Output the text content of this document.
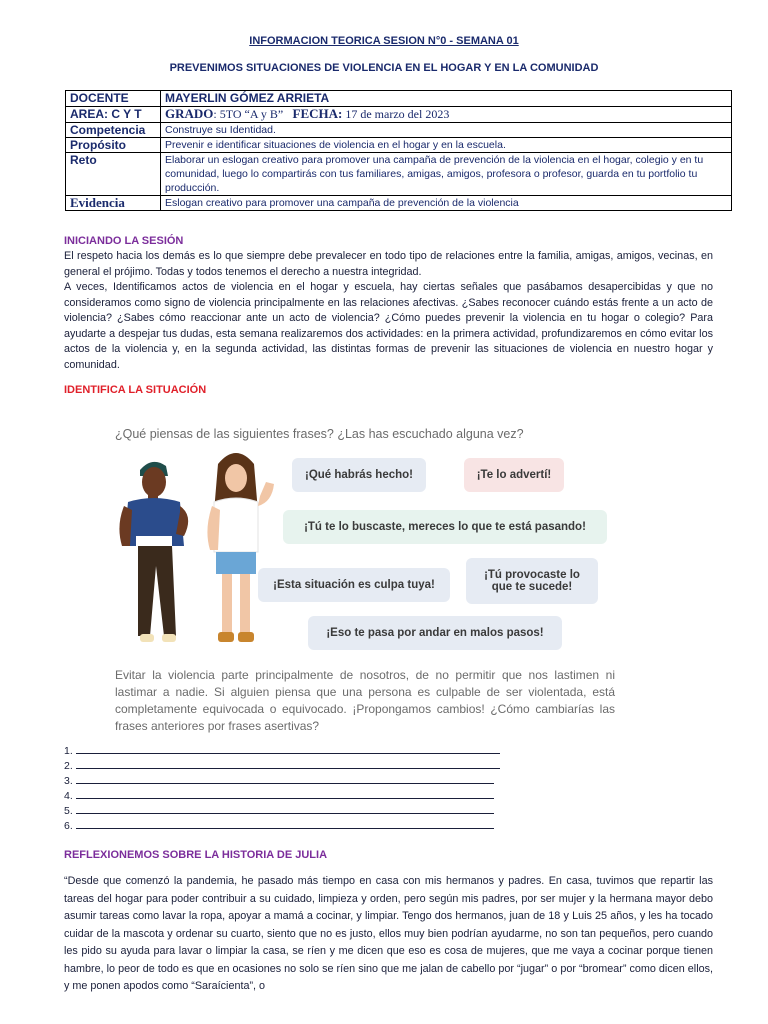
INFORMACION TEORICA SESION N°0 - SEMANA 01
PREVENIMOS SITUACIONES DE VIOLENCIA EN EL HOGAR Y EN LA COMUNIDAD
DOCENTE	MAYERLIN GÓMEZ ARRIETA
AREA: C Y T	GRADO: 5TO “A y B” FECHA: 17 de marzo del 2023
Competencia	Construye su Identidad.
Propósito	Prevenir e identificar situaciones de violencia en el hogar y en la escuela.
Reto	Elaborar un eslogan creativo para promover una campaña de prevención de la violencia en el hogar, colegio y en tu comunidad, luego lo compartirás con tus familiares, amigas, amigos, profesora o profesor, guarda en tu portfolio tu producción.
Evidencia	Eslogan creativo para promover una campaña de prevención de la violencia
INICIANDO LA SESIÓN

El respeto hacia los demás es lo que siempre debe prevalecer en todo tipo de relaciones entre la familia, amigas, amigos, vecinas, en general el prójimo. Todas y todos tenemos el derecho a nuestra integridad.

A veces, Identificamos actos de violencia en el hogar y escuela, hay ciertas señales que pasábamos desapercibidas y que no consideramos como signo de violencia principalmente en las relaciones afectivas. ¿Sabes reconocer cuándo estás frente a un acto de violencia? ¿Sabes cómo reaccionar ante un acto de violencia? ¿Cómo puedes prevenir la violencia en tu hogar o colegio? Para ayudarte a despejar tus dudas, esta semana realizaremos dos actividades: en la primera actividad, profundizaremos en cómo evitar los actos de la violencia y, en la segunda actividad, las distintas formas de prevenir las situaciones de violencia en nuestro hogar y comunidad.

IDENTIFICA LA SITUACIÓN
¿Qué piensas de las siguientes frases? ¿Las has escuchado alguna vez?
¡Qué habrás hecho!	¡Te lo advertí!
¡Tú te lo buscaste, mereces lo que te está pasando!
¡Esta situación es culpa tuya!
¡Tú provocaste lo que te sucede!
¡Eso te pasa por andar en malos pasos!
Evitar la violencia parte principalmente de nosotros, de no permitir que nos lastimen ni lastimar a nadie. Si alguien piensa que una persona es culpable de ser violentada, está completamente equivocada o equivocado. ¡Propongamos cambios! ¿Cómo cambiarías las frases anteriores por frases asertivas?
1.
2.
3.
4.
5.
6.
REFLEXIONEMOS SOBRE LA HISTORIA DE JULIA
“Desde que comenzó la pandemia, he pasado más tiempo en casa con mis hermanos y padres. En casa, tuvimos que repartir las tareas del hogar para poder contribuir a su cuidado, limpieza y orden, pero según mis padres, por ser mujer y la hermana mayor debo asumir tareas como lavar la ropa, apoyar a mamá a cocinar, y limpiar. Tengo dos hermanos, juan de 18 y Luis 25 años, y les ha tocado cuidar de la mascota y ordenar su cuarto, siento que no es justo, ellos muy bien podrían ayudarme, no son tan pequeños, pero cuando les pido su ayuda para lavar o limpiar la casa, se ríen y me dicen que eso es cosa de mujeres, que me vaya a cocinar porque tienen hambre, lo peor de todo es que en ocasiones no solo se ríen sino que me jalan de cabello por “jugar” o por “bromear” como dicen ellos, y me ponen apodos como “Saraícienta”, o
